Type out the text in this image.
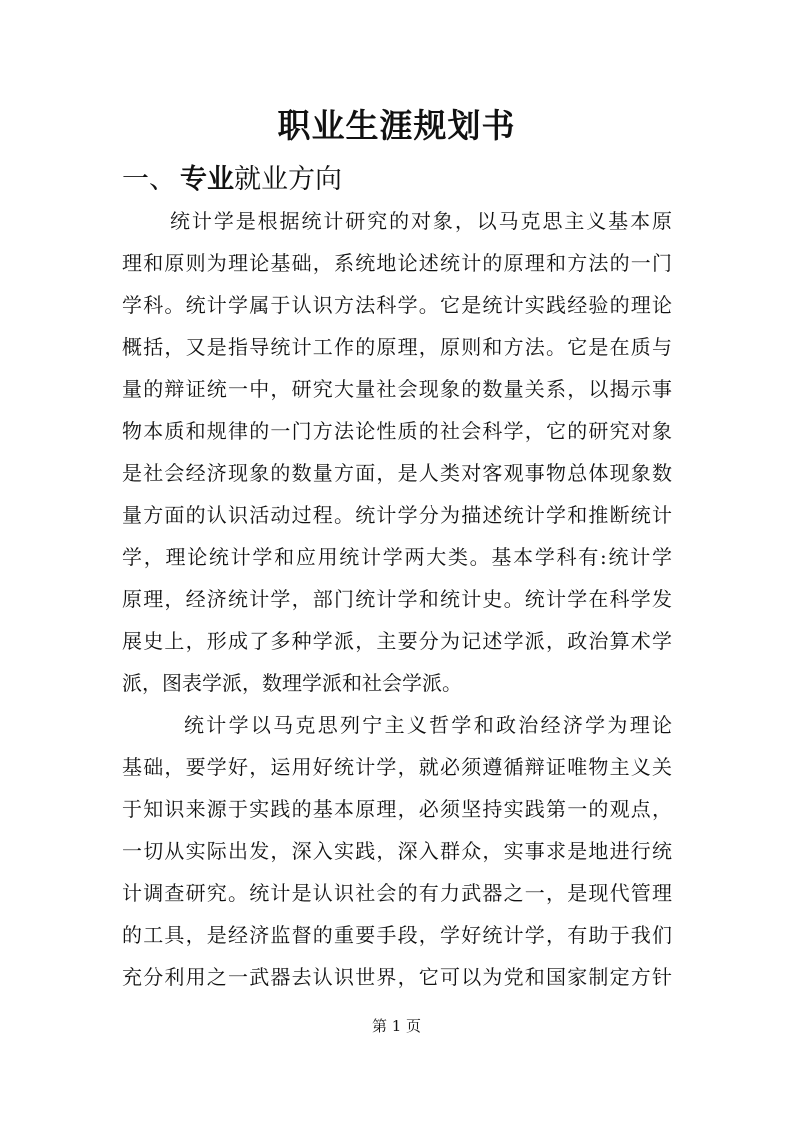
职业生涯规划书
一、 专业就业方向
统计学是根据统计研究的对象，以马克思主义基本原
理和原则为理论基础，系统地论述统计的原理和方法的一门
学科。统计学属于认识方法科学。它是统计实践经验的理论
概括，又是指导统计工作的原理，原则和方法。它是在质与
量的辩证统一中，研究大量社会现象的数量关系，以揭示事
物本质和规律的一门方法论性质的社会科学，它的研究对象
是社会经济现象的数量方面，是人类对客观事物总体现象数
量方面的认识活动过程。统计学分为描述统计学和推断统计
学，理论统计学和应用统计学两大类。基本学科有:统计学
原理，经济统计学，部门统计学和统计史。统计学在科学发
展史上，形成了多种学派，主要分为记述学派，政治算术学
派，图表学派，数理学派和社会学派。
统计学以马克思列宁主义哲学和政治经济学为理论
基础，要学好，运用好统计学，就必须遵循辩证唯物主义关
于知识来源于实践的基本原理，必须坚持实践第一的观点，
一切从实际出发，深入实践，深入群众，实事求是地进行统
计调查研究。统计是认识社会的有力武器之一，是现代管理
的工具，是经济监督的重要手段，学好统计学，有助于我们
充分利用之一武器去认识世界，它可以为党和国家制定方针
第 1 页
